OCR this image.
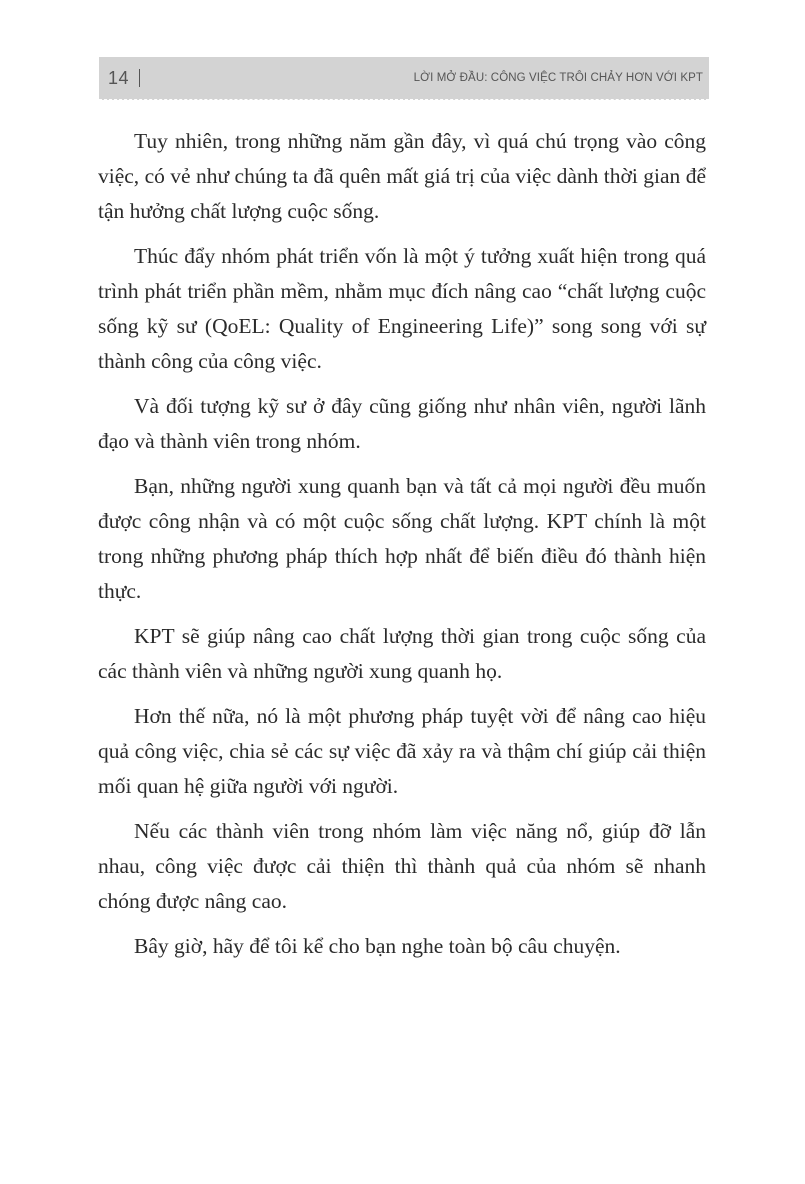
14	LỜI MỞ ĐẦU: CÔNG VIỆC TRÔI CHẢY HƠN VỚI KPT

Tuy nhiên, trong những năm gần đây, vì quá chú trọng vào công việc, có vẻ như chúng ta đã quên mất giá trị của việc dành thời gian để tận hưởng chất lượng cuộc sống.

Thúc đẩy nhóm phát triển vốn là một ý tưởng xuất hiện trong quá trình phát triển phần mềm, nhằm mục đích nâng cao “chất lượng cuộc sống kỹ sư (QoEL: Quality of Engineering Life)” song song với sự thành công của công việc.

Và đối tượng kỹ sư ở đây cũng giống như nhân viên, người lãnh đạo và thành viên trong nhóm.

Bạn, những người xung quanh bạn và tất cả mọi người đều muốn được công nhận và có một cuộc sống chất lượng. KPT chính là một trong những phương pháp thích hợp nhất để biến điều đó thành hiện thực.

KPT sẽ giúp nâng cao chất lượng thời gian trong cuộc sống của các thành viên và những người xung quanh họ.

Hơn thế nữa, nó là một phương pháp tuyệt vời để nâng cao hiệu quả công việc, chia sẻ các sự việc đã xảy ra và thậm chí giúp cải thiện mối quan hệ giữa người với người.

Nếu các thành viên trong nhóm làm việc năng nổ, giúp đỡ lẫn nhau, công việc được cải thiện thì thành quả của nhóm sẽ nhanh chóng được nâng cao.

Bây giờ, hãy để tôi kể cho bạn nghe toàn bộ câu chuyện.
